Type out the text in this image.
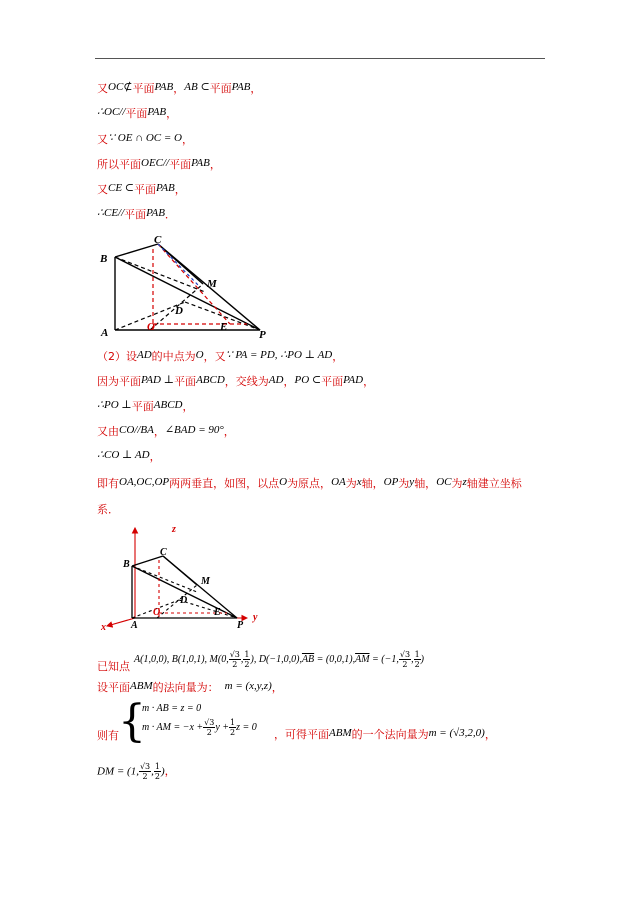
又OC⊄平面PAB，AB ⊂平面PAB，
∴OC//平面PAB，
又∵ OE ∩ OC = O，
所以平面OEC//平面PAB，
又CE ⊂平面PAB，
∴CE//平面PAB．
C
B
M
D
A	O	E
P
（2）设AD的中点为O，又∵ PA = PD, ∴PO ⊥ AD，
因为平面PAD ⊥平面ABCD，交线为AD，PO ⊂平面PAD，
∴PO ⊥平面ABCD，
又由CO//BA，∠BAD = 90°，
∴CO ⊥ AD，
即有OA,OC,OP两两垂直，如图，以点O为原点，OA为x轴，OP为y轴，OC为z轴建立坐标
系．
z
C
B
M
D
A
O	E
P
x
y
A(1,0,0), B(1,0,1), M(0, $\frac{√3}{2}$ , $\frac{1}{2}$ ), $D(-1,0,0),\overline{AB} = (0,0,1),\overline{AM} = (-1$, $\frac{√3}{2}$ , $\frac{1}{2}$ )
已知点
设平面ABM的法向量为： m = (x,y,z)，
则有 {
m · AB = z = 0
m · AM = $-x + \frac{√3}{2}$ $y + \frac{1}{2}$ z = 0
，可得平面ABM的一个法向量为m = (√3,2,0)，
DM = (1, $\frac{√3}{2}$ , $\frac{1}{2}$ )，
